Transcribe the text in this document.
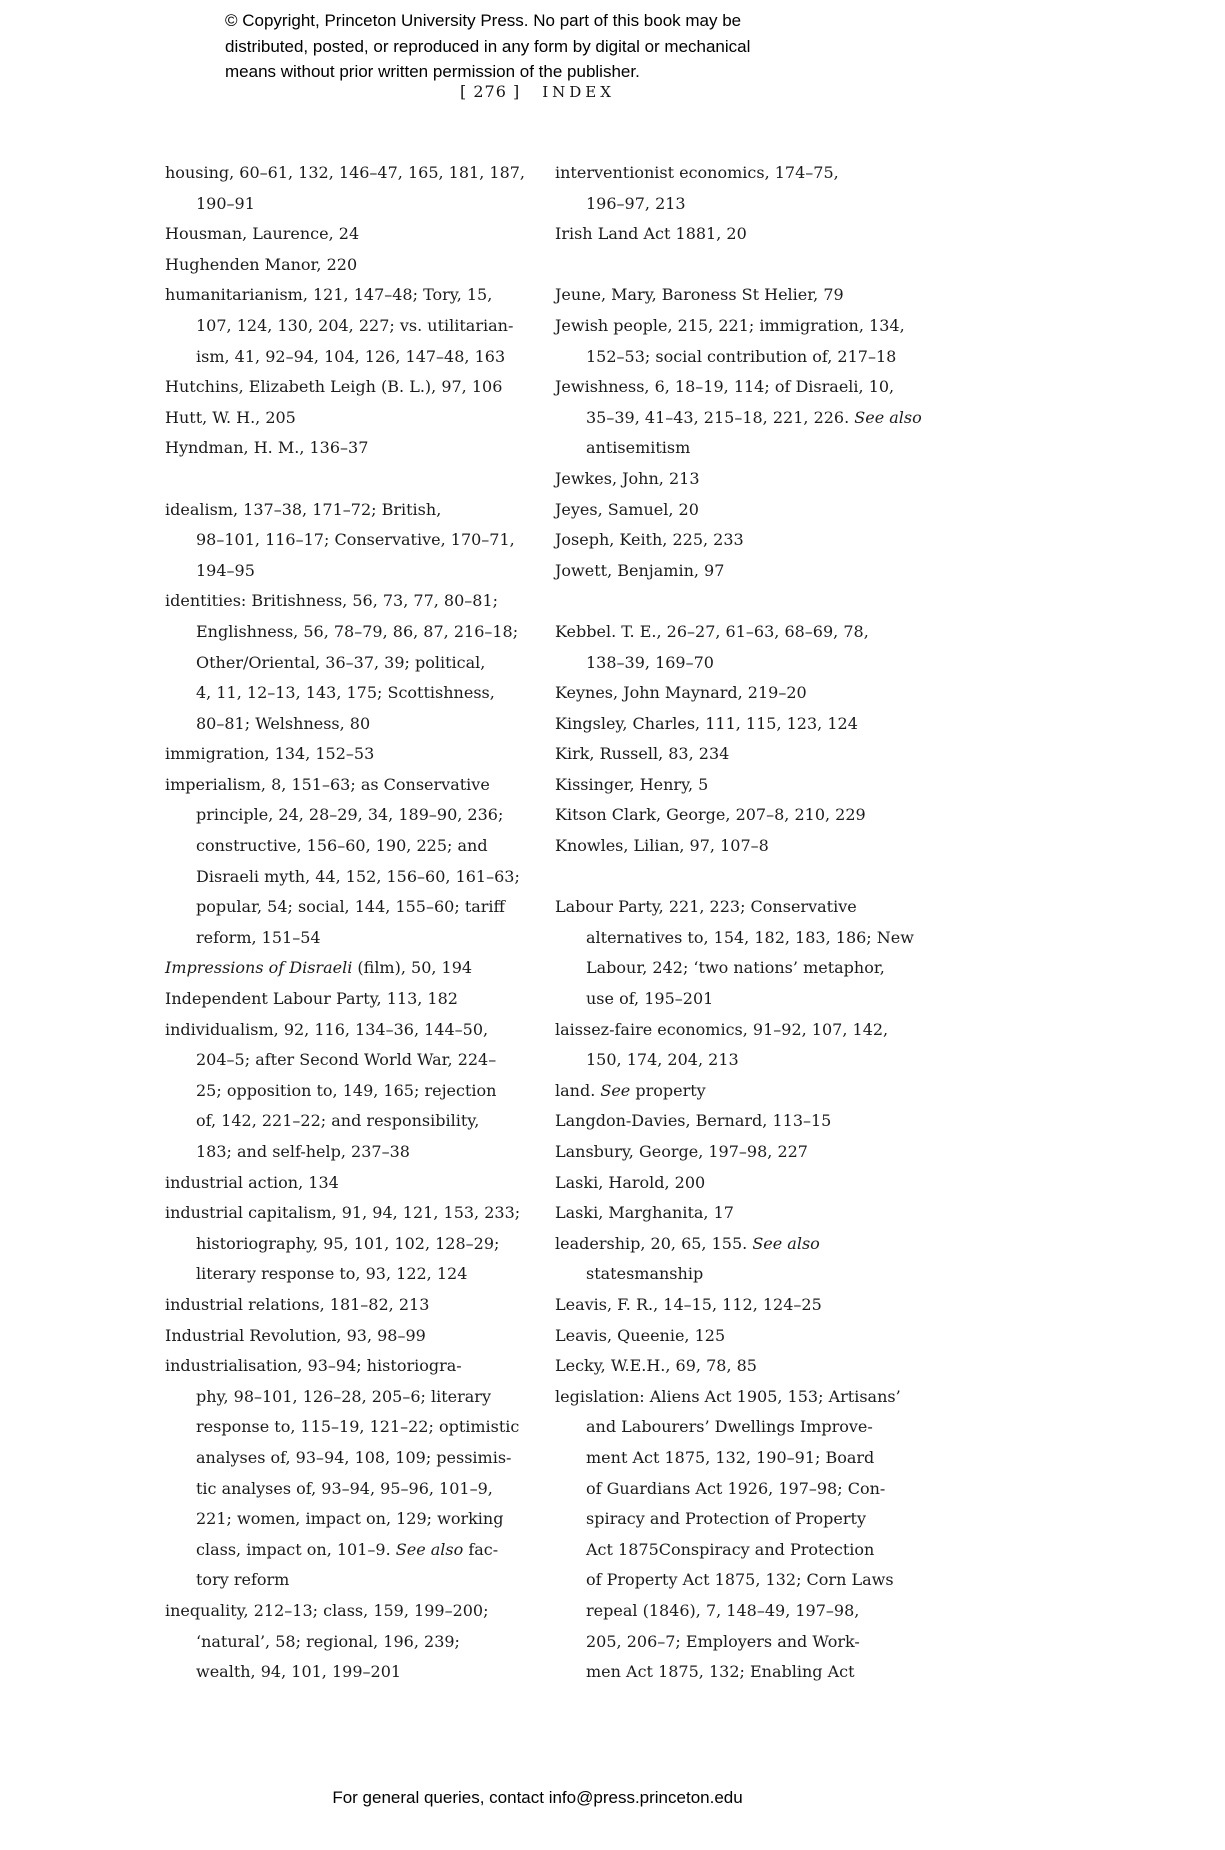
© Copyright, Princeton University Press. No part of this book may be
distributed, posted, or reproduced in any form by digital or mechanical
means without prior written permission of the publisher.
[ 276 ] INDEX
housing, 60–61, 132, 146–47, 165, 181, 187,
190–91
Housman, Laurence, 24
Hughenden Manor, 220
humanitarianism, 121, 147–48; Tory, 15,
107, 124, 130, 204, 227; vs. utilitarian-
ism, 41, 92–94, 104, 126, 147–48, 163
Hutchins, Elizabeth Leigh (B. L.), 97, 106
Hutt, W. H., 205
Hyndman, H. M., 136–37
idealism, 137–38, 171–72; British,
98–101, 116–17; Conservative, 170–71,
194–95
identities: Britishness, 56, 73, 77, 80–81;
Englishness, 56, 78–79, 86, 87, 216–18;
Other/Oriental, 36–37, 39; political,
4, 11, 12–13, 143, 175; Scottishness,
80–81; Welshness, 80
immigration, 134, 152–53
imperialism, 8, 151–63; as Conservative
principle, 24, 28–29, 34, 189–90, 236;
constructive, 156–60, 190, 225; and
Disraeli myth, 44, 152, 156–60, 161–63;
popular, 54; social, 144, 155–60; tariff
reform, 151–54
Impressions of Disraeli (film), 50, 194
Independent Labour Party, 113, 182
individualism, 92, 116, 134–36, 144–50,
204–5; after Second World War, 224–
25; opposition to, 149, 165; rejection
of, 142, 221–22; and responsibility,
183; and self-help, 237–38
industrial action, 134
industrial capitalism, 91, 94, 121, 153, 233;
historiography, 95, 101, 102, 128–29;
literary response to, 93, 122, 124
industrial relations, 181–82, 213
Industrial Revolution, 93, 98–99
industrialisation, 93–94; historiogra-
phy, 98–101, 126–28, 205–6; literary
response to, 115–19, 121–22; optimistic
analyses of, 93–94, 108, 109; pessimis-
tic analyses of, 93–94, 95–96, 101–9,
221; women, impact on, 129; working
class, impact on, 101–9. See also fac-
tory reform
inequality, 212–13; class, 159, 199–200;
‘natural’, 58; regional, 196, 239;
wealth, 94, 101, 199–201
interventionist economics, 174–75,
196–97, 213
Irish Land Act 1881, 20
Jeune, Mary, Baroness St Helier, 79
Jewish people, 215, 221; immigration, 134,
152–53; social contribution of, 217–18
Jewishness, 6, 18–19, 114; of Disraeli, 10,
35–39, 41–43, 215–18, 221, 226. See also
antisemitism
Jewkes, John, 213
Jeyes, Samuel, 20
Joseph, Keith, 225, 233
Jowett, Benjamin, 97
Kebbel. T. E., 26–27, 61–63, 68–69, 78,
138–39, 169–70
Keynes, John Maynard, 219–20
Kingsley, Charles, 111, 115, 123, 124
Kirk, Russell, 83, 234
Kissinger, Henry, 5
Kitson Clark, George, 207–8, 210, 229
Knowles, Lilian, 97, 107–8
Labour Party, 221, 223; Conservative
alternatives to, 154, 182, 183, 186; New
Labour, 242; ‘two nations’ metaphor,
use of, 195–201
laissez-faire economics, 91–92, 107, 142,
150, 174, 204, 213
land. See property
Langdon-Davies, Bernard, 113–15
Lansbury, George, 197–98, 227
Laski, Harold, 200
Laski, Marghanita, 17
leadership, 20, 65, 155. See also
statesmanship
Leavis, F. R., 14–15, 112, 124–25
Leavis, Queenie, 125
Lecky, W.E.H., 69, 78, 85
legislation: Aliens Act 1905, 153; Artisans’
and Labourers’ Dwellings Improve-
ment Act 1875, 132, 190–91; Board
of Guardians Act 1926, 197–98; Con-
spiracy and Protection of Property
Act 1875Conspiracy and Protection
of Property Act 1875, 132; Corn Laws
repeal (1846), 7, 148–49, 197–98,
205, 206–7; Employers and Work-
men Act 1875, 132; Enabling Act
For general queries, contact info@press.princeton.edu
